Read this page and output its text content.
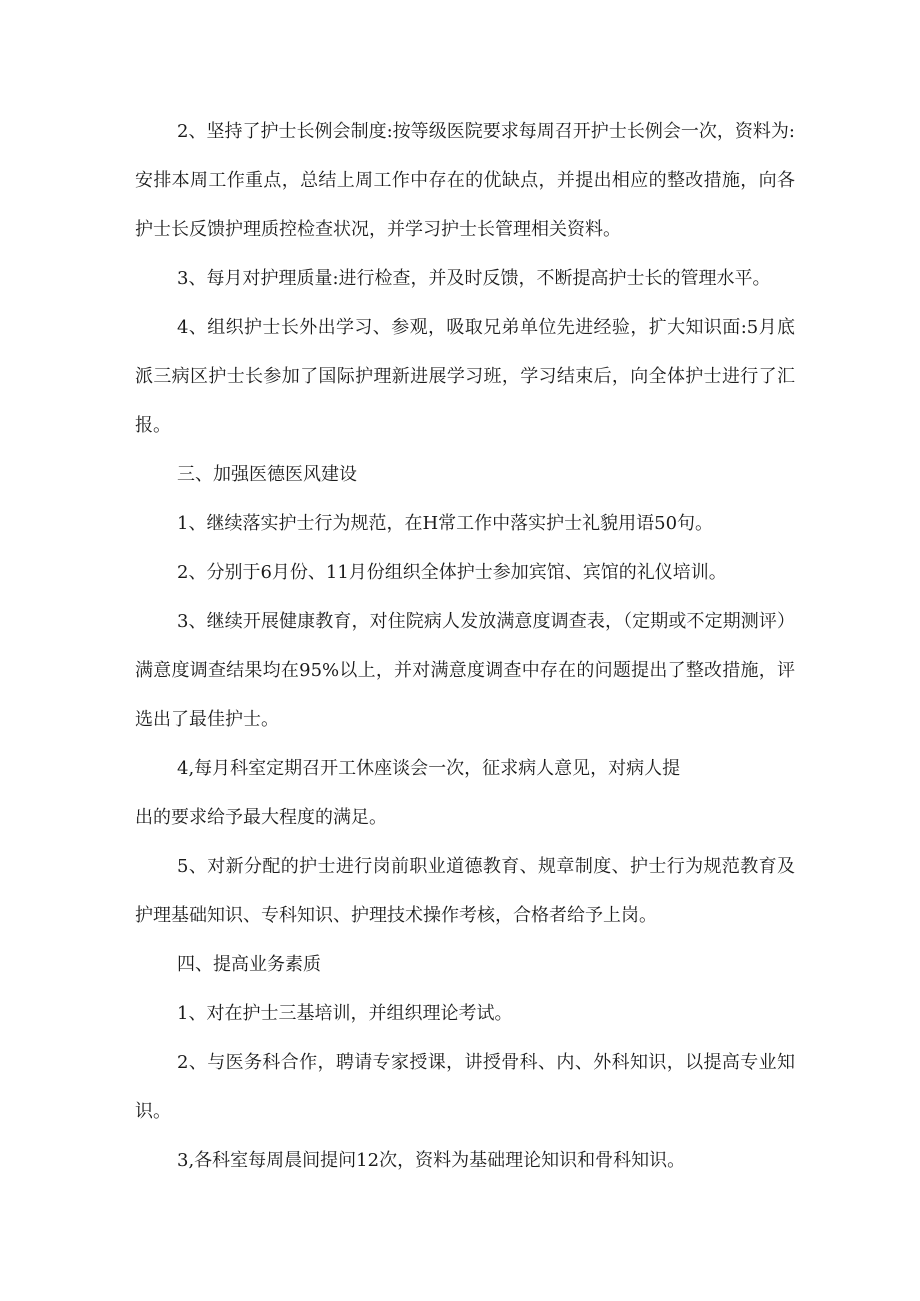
2、坚持了护士长例会制度:按等级医院要求每周召开护士长例会一次，资料为:安排本周工作重点，总结上周工作中存在的优缺点，并提出相应的整改措施，向各护士长反馈护理质控检查状况，并学习护士长管理相关资料。

3、每月对护理质量:进行检查，并及时反馈，不断提高护士长的管理水平。

4、组织护士长外出学习、参观，吸取兄弟单位先进经验，扩大知识面:5月底派三病区护士长参加了国际护理新进展学习班，学习结束后，向全体护士进行了汇报。

三、加强医德医风建设

1、继续落实护士行为规范，在H常工作中落实护士礼貌用语50句。

2、分别于6月份、11月份组织全体护士参加宾馆、宾馆的礼仪培训。

3、继续开展健康教育，对住院病人发放满意度调查表，（定期或不定期测评）满意度调查结果均在95%以上，并对满意度调查中存在的问题提出了整改措施，评选出了最佳护士。

4,每月科室定期召开工休座谈会一次，征求病人意见，对病人提

出的要求给予最大程度的满足。

5、对新分配的护士进行岗前职业道德教育、规章制度、护士行为规范教育及护理基础知识、专科知识、护理技术操作考核，合格者给予上岗。

四、提高业务素质

1、对在护士三基培训，并组织理论考试。

2、与医务科合作，聘请专家授课，讲授骨科、内、外科知识，以提高专业知识。

3,各科室每周晨间提问12次，资料为基础理论知识和骨科知识。
